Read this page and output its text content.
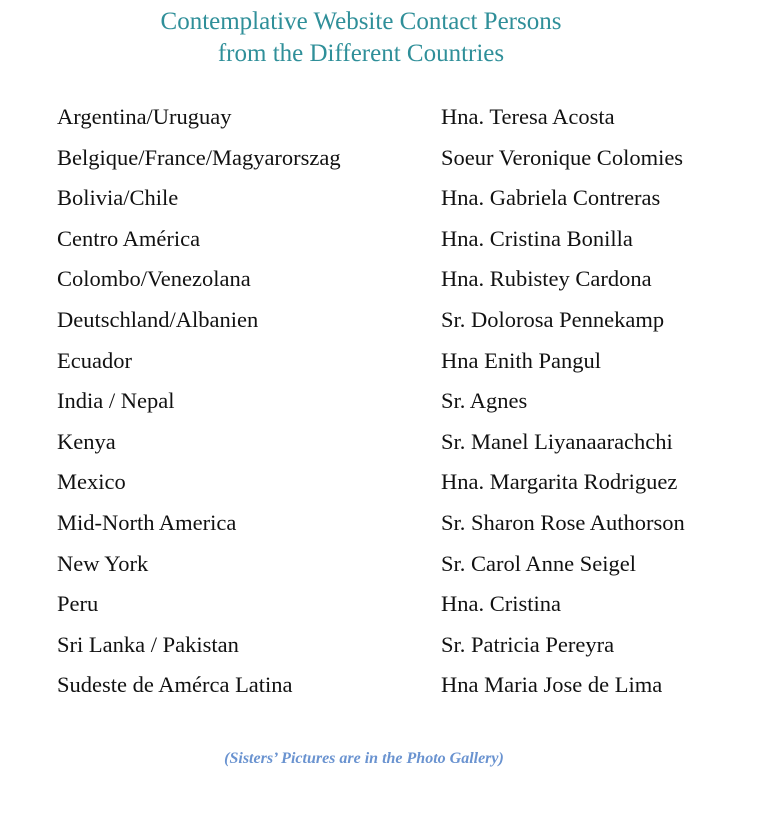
Contemplative Website Contact Persons
from the Different Countries
Argentina/Uruguay	Hna. Teresa Acosta
Belgique/France/Magyarorszag	Soeur Veronique Colomies
Bolivia/Chile	Hna. Gabriela Contreras
Centro América	Hna. Cristina Bonilla
Colombo/Venezolana	Hna. Rubistey Cardona
Deutschland/Albanien	Sr. Dolorosa Pennekamp
Ecuador	Hna Enith Pangul
India / Nepal	Sr. Agnes
Kenya	Sr. Manel Liyanaarachchi
Mexico	Hna. Margarita Rodriguez
Mid-North America	Sr. Sharon Rose Authorson
New York	Sr. Carol Anne Seigel
Peru	Hna. Cristina
Sri Lanka / Pakistan	Sr. Patricia Pereyra
Sudeste de Amérca Latina	Hna Maria Jose de Lima
(Sisters’ Pictures are in the Photo Gallery)
